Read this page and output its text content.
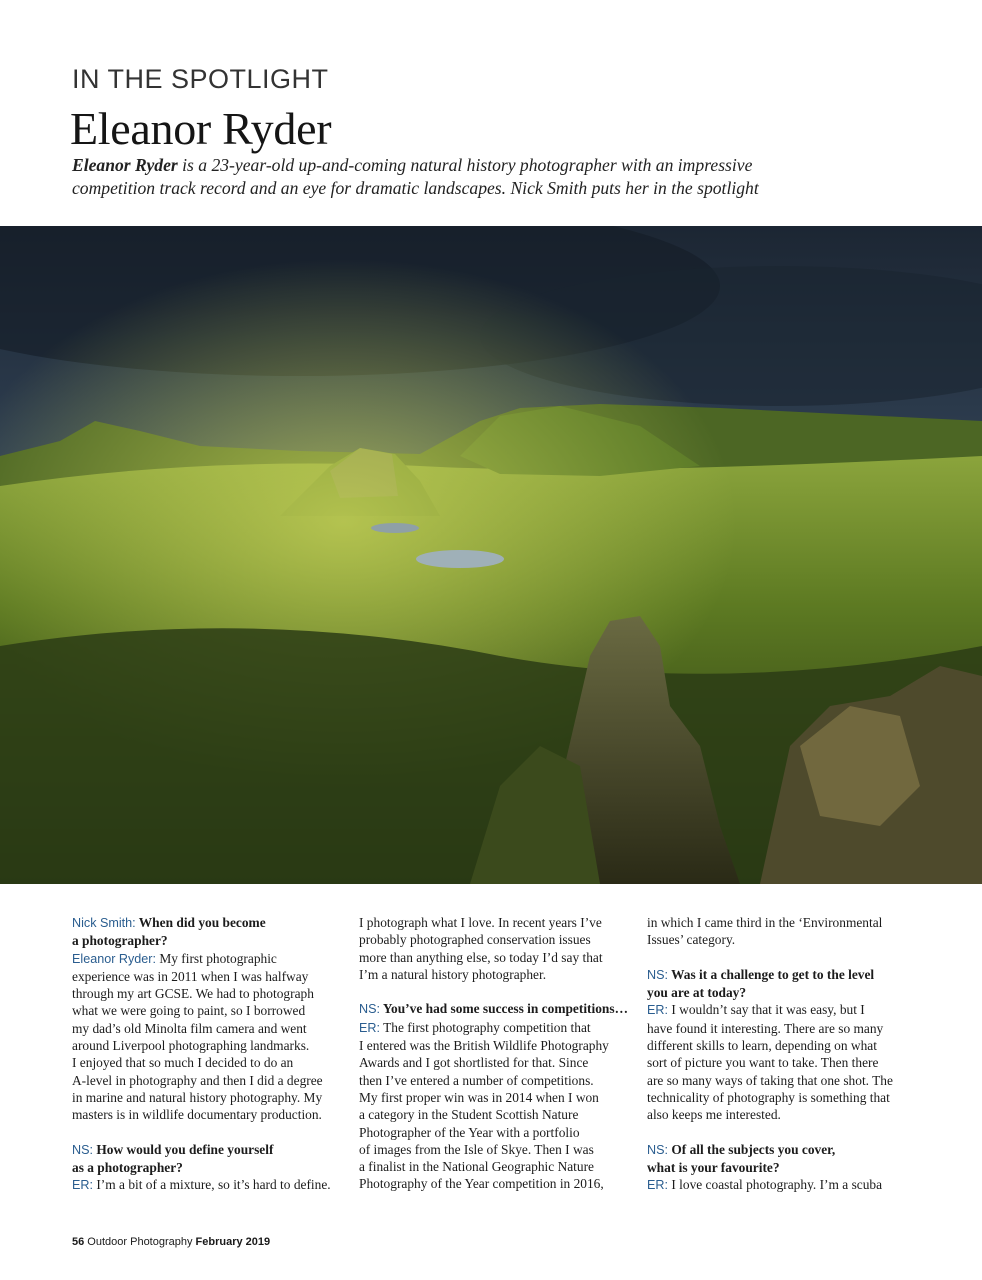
IN THE SPOTLIGHT
Eleanor Ryder
Eleanor Ryder is a 23-year-old up-and-coming natural history photographer with an impressive
competition track record and an eye for dramatic landscapes. Nick Smith puts her in the spotlight
Nick Smith: When did you become
a photographer?
Eleanor Ryder: My first photographic
experience was in 2011 when I was halfway
through my art GCSE. We had to photograph
what we were going to paint, so I borrowed
my dad’s old Minolta film camera and went
around Liverpool photographing landmarks.
I enjoyed that so much I decided to do an
A-level in photography and then I did a degree
in marine and natural history photography. My
masters is in wildlife documentary production.
NS: How would you define yourself
as a photographer?
ER: I’m a bit of a mixture, so it’s hard to define.
I photograph what I love. In recent years I’ve
probably photographed conservation issues
more than anything else, so today I’d say that
I’m a natural history photographer.
NS: You’ve had some success in competitions…
ER: The first photography competition that
I entered was the British Wildlife Photography
Awards and I got shortlisted for that. Since
then I’ve entered a number of competitions.
My first proper win was in 2014 when I won
a category in the Student Scottish Nature
Photographer of the Year with a portfolio
of images from the Isle of Skye. Then I was
a finalist in the National Geographic Nature
Photography of the Year competition in 2016,
in which I came third in the ‘Environmental
Issues’ category.
NS: Was it a challenge to get to the level
you are at today?
ER: I wouldn’t say that it was easy, but I
have found it interesting. There are so many
different skills to learn, depending on what
sort of picture you want to take. Then there
are so many ways of taking that one shot. The
technicality of photography is something that
also keeps me interested.
NS: Of all the subjects you cover,
what is your favourite?
ER: I love coastal photography. I’m a scuba
56 Outdoor Photography February 2019
